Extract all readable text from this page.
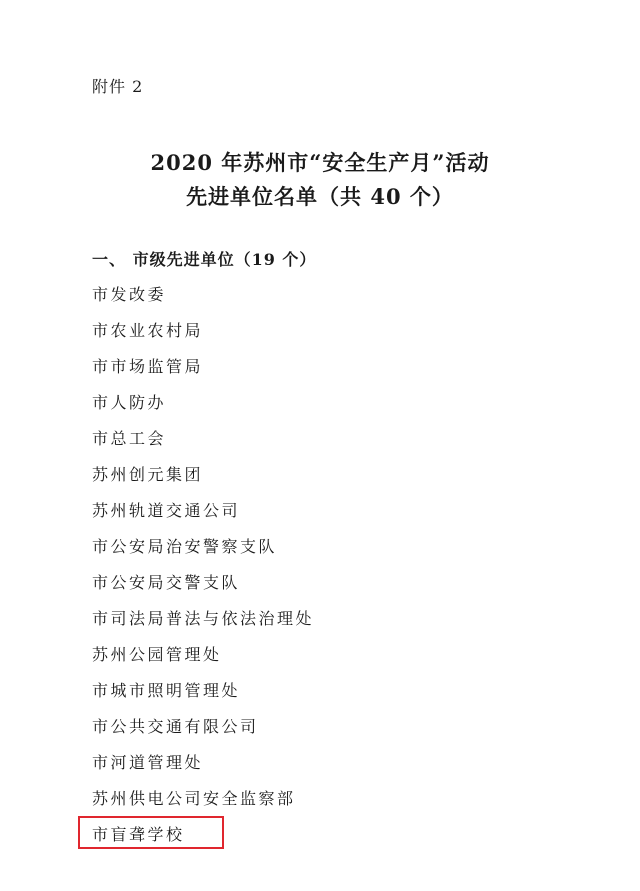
附件 2
2020 年苏州市“安全生产月”活动
先进单位名单（共 40 个）
一、 市级先进单位（19 个）
市发改委
市农业农村局
市市场监管局
市人防办
市总工会
苏州创元集团
苏州轨道交通公司
市公安局治安警察支队
市公安局交警支队
市司法局普法与依法治理处
苏州公园管理处
市城市照明管理处
市公共交通有限公司
市河道管理处
苏州供电公司安全监察部
市盲聋学校
